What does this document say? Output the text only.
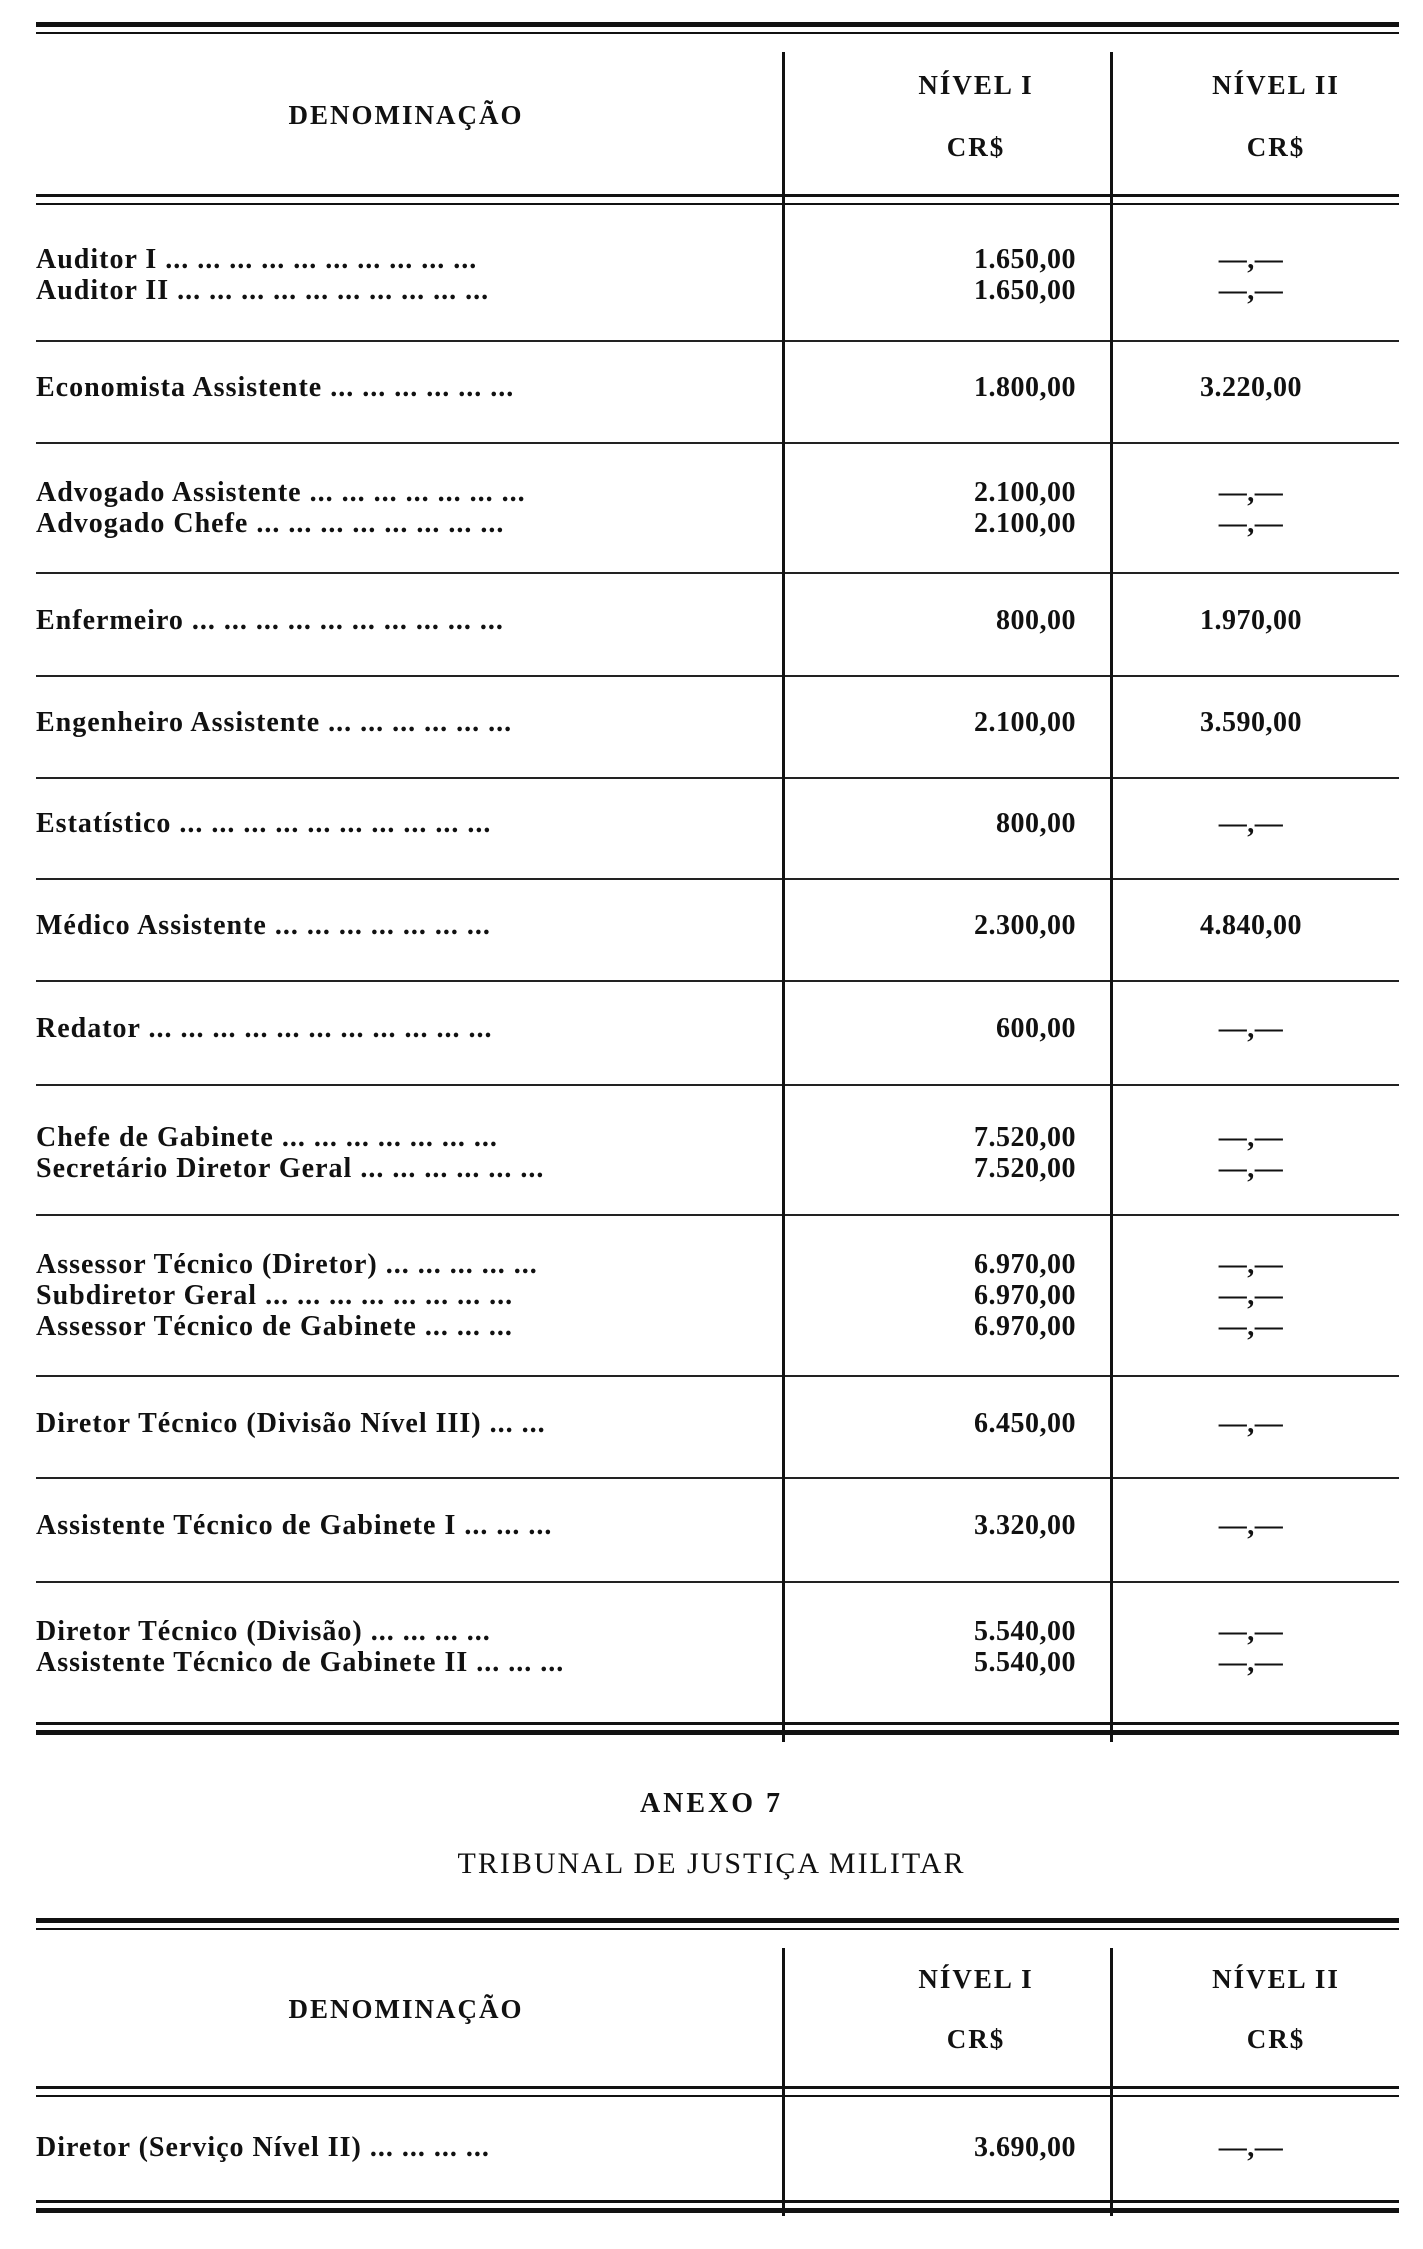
DENOMINAÇÃO
NÍVEL I
CR$
NÍVEL II
CR$
Auditor I ... ... ... ... ... ... ... ... ... ...	1.650,00	—,—
Auditor II ... ... ... ... ... ... ... ... ... ...	1.650,00	—,—
Economista Assistente ... ... ... ... ... ...	1.800,00	3.220,00
Advogado Assistente ... ... ... ... ... ... ...	2.100,00	—,—
Advogado Chefe ... ... ... ... ... ... ... ...	2.100,00	—,—
Enfermeiro ... ... ... ... ... ... ... ... ... ...	800,00	1.970,00
Engenheiro Assistente ... ... ... ... ... ...	2.100,00	3.590,00
Estatístico ... ... ... ... ... ... ... ... ... ...	800,00	—,—
Médico Assistente ... ... ... ... ... ... ...	2.300,00	4.840,00
Redator ... ... ... ... ... ... ... ... ... ... ...	600,00	—,—
Chefe de Gabinete ... ... ... ... ... ... ...	7.520,00	—,—
Secretário Diretor Geral ... ... ... ... ... ...	7.520,00	—,—
Assessor Técnico (Diretor) ... ... ... ... ...	6.970,00	—,—
Subdiretor Geral ... ... ... ... ... ... ... ...	6.970,00	—,—
Assessor Técnico de Gabinete ... ... ...	6.970,00	—,—
Diretor Técnico (Divisão Nível III) ... ...	6.450,00	—,—
Assistente Técnico de Gabinete I ... ... ...	3.320,00	—,—
Diretor Técnico (Divisão) ... ... ... ...	5.540,00	—,—
Assistente Técnico de Gabinete II ... ... ...	5.540,00	—,—
ANEXO 7
TRIBUNAL DE JUSTIÇA MILITAR
DENOMINAÇÃO
NÍVEL I
CR$
NÍVEL II
CR$
Diretor (Serviço Nível II) ... ... ... ...	3.690,00	—,—
